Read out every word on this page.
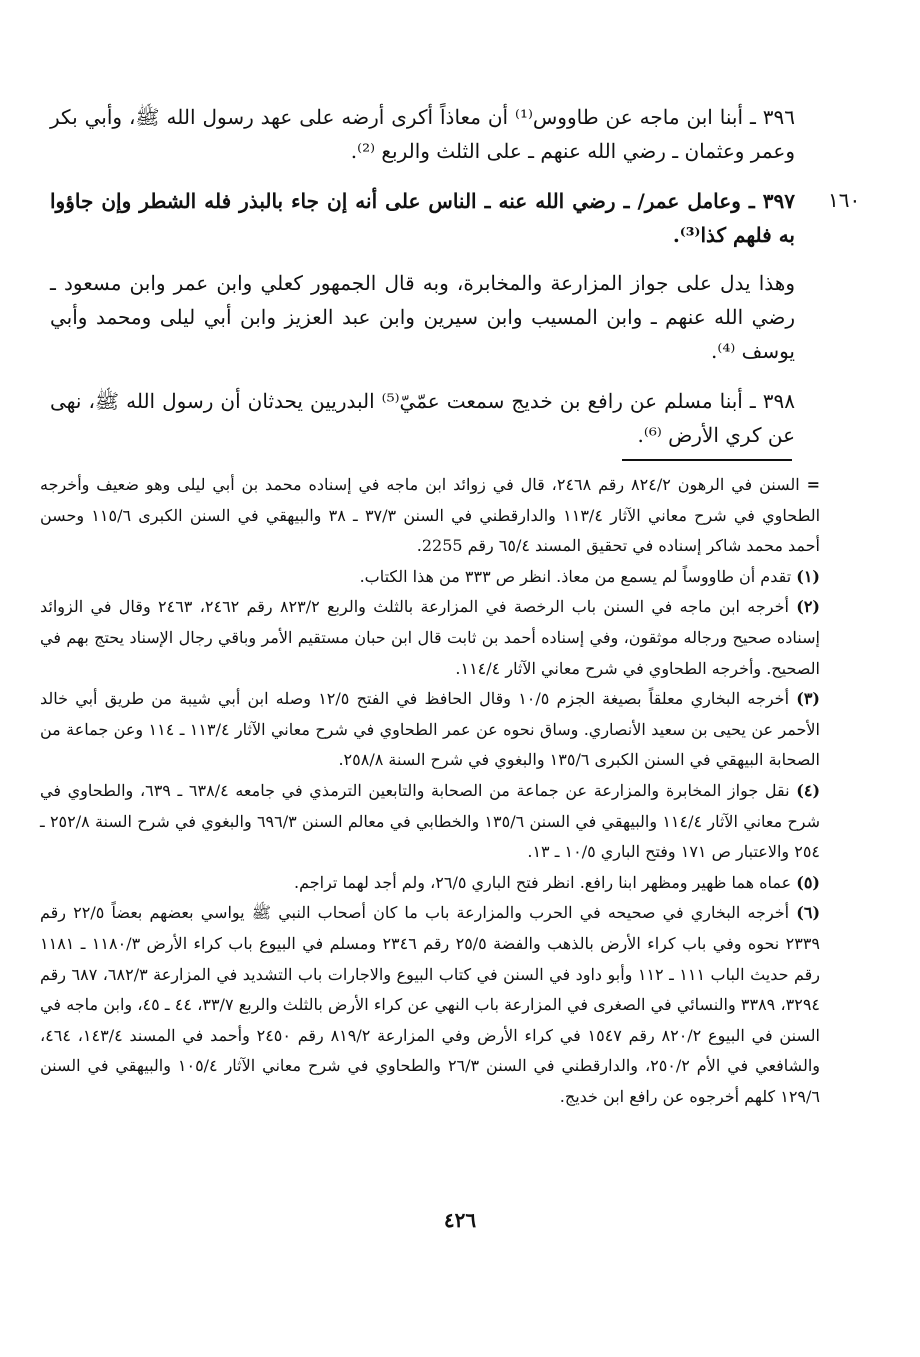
١٦٠

٣٩٦ ـ أبنا ابن ماجه عن طاووس⁽¹⁾ أن معاذاً أكرى أرضه على عهد رسول الله ﷺ، وأبي بكر وعمر وعثمان ـ رضي الله عنهم ـ على الثلث والربع ⁽²⁾.

٣٩٧ ـ وعامل عمر/ ـ رضي الله عنه ـ الناس على أنه إن جاء بالبذر فله الشطر وإن جاؤوا به فلهم كذا⁽³⁾.

وهذا يدل على جواز المزارعة والمخابرة، وبه قال الجمهور كعلي وابن عمر وابن مسعود ـ رضي الله عنهم ـ وابن المسيب وابن سيرين وابن عبد العزيز وابن أبي ليلى ومحمد وأبي يوسف ⁽⁴⁾.

٣٩٨ ـ أبنا مسلم عن رافع بن خديج سمعت عمّيّ⁽⁵⁾ البدريين يحدثان أن رسول الله ﷺ، نهى عن كري الأرض ⁽⁶⁾.

= السنن في الرهون ٨٢٤/٢ رقم ٢٤٦٨، قال في زوائد ابن ماجه في إسناده محمد بن أبي ليلى وهو ضعيف وأخرجه الطحاوي في شرح معاني الآثار ١١٣/٤ والدارقطني في السنن ٣٧/٣ ـ ٣٨ والبيهقي في السنن الكبرى ١١٥/٦ وحسن أحمد محمد شاكر إسناده في تحقيق المسند ٦٥/٤ رقم 2255.

(١) تقدم أن طاووساً لم يسمع من معاذ. انظر ص ٣٣٣ من هذا الكتاب.

(٢) أخرجه ابن ماجه في السنن باب الرخصة في المزارعة بالثلث والربع ٨٢٣/٢ رقم ٢٤٦٢، ٢٤٦٣ وقال في الزوائد إسناده صحيح ورجاله موثقون، وفي إسناده أحمد بن ثابت قال ابن حبان مستقيم الأمر وباقي رجال الإسناد يحتج بهم في الصحيح. وأخرجه الطحاوي في شرح معاني الآثار ١١٤/٤.

(٣) أخرجه البخاري معلقاً بصيغة الجزم ١٠/٥ وقال الحافظ في الفتح ١٢/٥ وصله ابن أبي شيبة من طريق أبي خالد الأحمر عن يحيى بن سعيد الأنصاري. وساق نحوه عن عمر الطحاوي في شرح معاني الآثار ١١٣/٤ ـ ١١٤ وعن جماعة من الصحابة البيهقي في السنن الكبرى ١٣٥/٦ والبغوي في شرح السنة ٢٥٨/٨.

(٤) نقل جواز المخابرة والمزارعة عن جماعة من الصحابة والتابعين الترمذي في جامعه ٦٣٨/٤ ـ ٦٣٩، والطحاوي في شرح معاني الآثار ١١٤/٤ والبيهقي في السنن ١٣٥/٦ والخطابي في معالم السنن ٦٩٦/٣ والبغوي في شرح السنة ٢٥٢/٨ ـ ٢٥٤ والاعتبار ص ١٧١ وفتح الباري ١٠/٥ ـ ١٣.

(٥) عماه هما ظهير ومظهر ابنا رافع. انظر فتح الباري ٢٦/٥، ولم أجد لهما تراجم.

(٦) أخرجه البخاري في صحيحه في الحرب والمزارعة باب ما كان أصحاب النبي ﷺ يواسي بعضهم بعضاً ٢٢/٥ رقم ٢٣٣٩ نحوه وفي باب كراء الأرض بالذهب والفضة ٢٥/٥ رقم ٢٣٤٦ ومسلم في البيوع باب كراء الأرض ١١٨٠/٣ ـ ١١٨١ رقم حديث الباب ١١١ ـ ١١٢ وأبو داود في السنن في كتاب البيوع والاجارات باب التشديد في المزارعة ٦٨٢/٣، ٦٨٧ رقم ٣٢٩٤، ٣٣٨٩ والنسائي في الصغرى في المزارعة باب النهي عن كراء الأرض بالثلث والربع ٣٣/٧، ٤٤ ـ ٤٥، وابن ماجه في السنن في البيوع ٨٢٠/٢ رقم ١٥٤٧ في كراء الأرض وفي المزارعة ٨١٩/٢ رقم ٢٤٥٠ وأحمد في المسند ١٤٣/٤، ٤٦٤، والشافعي في الأم ٢٥٠/٢، والدارقطني في السنن ٢٦/٣ والطحاوي في شرح معاني الآثار ١٠٥/٤ والبيهقي في السنن ١٢٩/٦ كلهم أخرجوه عن رافع ابن خديج.

٤٢٦
